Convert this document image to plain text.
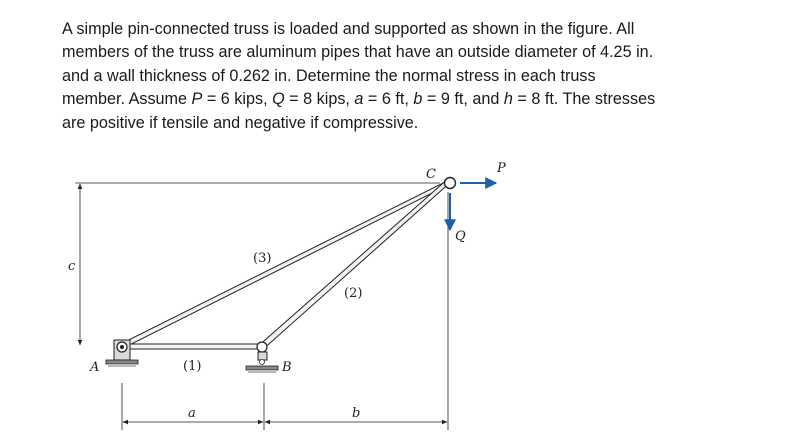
A simple pin-connected truss is loaded and supported as shown in the figure. All
members of the truss are aluminum pipes that have an outside diameter of 4.25 in.
and a wall thickness of 0.262 in. Determine the normal stress in each truss
member. Assume P = 6 kips, Q = 8 kips, a = 6 ft, b = 9 ft, and h = 8 ft. The stresses
are positive if tensile and negative if compressive.
C	P
Q
A	B
(1)
(2)
(3)
c
a	b
